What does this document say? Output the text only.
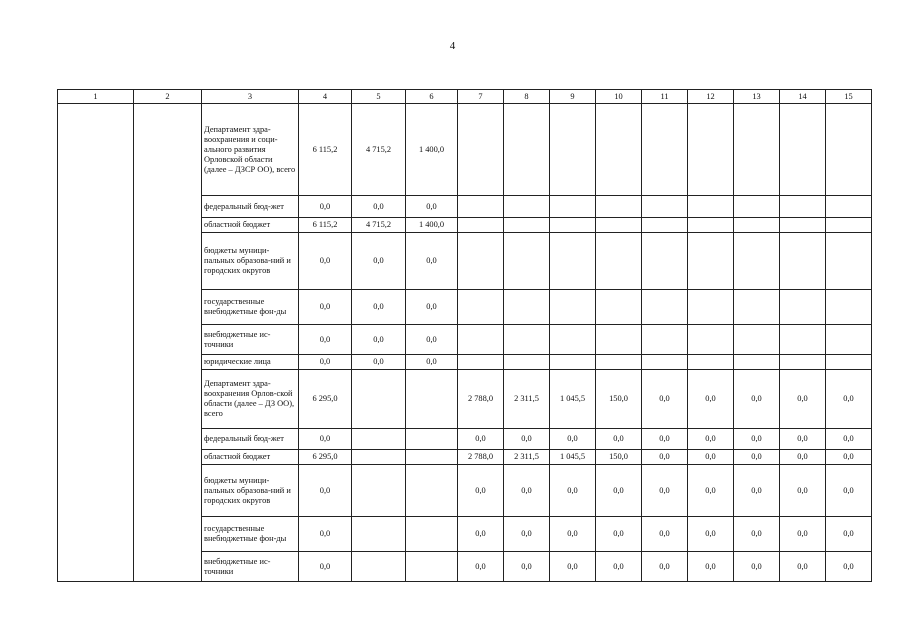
4
1	2	3	4	5	6	7	8	9	10	11	12	13	14	15	
		Департамент здра-воохранения и соци-ального развития Орловской области (далее – ДЗСР ОО), всего	6 115,2	4 715,2	1 400,0										
		федеральный бюд-жет	0,0	0,0	0,0										
		областной бюджет	6 115,2	4 715,2	1 400,0										
		бюджеты муници-пальных образова-ний и городских округов	0,0	0,0	0,0										
		государственные внебюджетные фон-ды	0,0	0,0	0,0										
		внебюджетные ис-точники	0,0	0,0	0,0										
		юридические лица	0,0	0,0	0,0										
		Департамент здра-воохранения Орлов-ской области (далее – ДЗ ОО), всего	6 295,0			2 788,0	2 311,5	1 045,5	150,0	0,0	0,0	0,0	0,0	0,0	
		федеральный бюд-жет	0,0			0,0	0,0	0,0	0,0	0,0	0,0	0,0	0,0	0,0	
		областной бюджет	6 295,0			2 788,0	2 311,5	1 045,5	150,0	0,0	0,0	0,0	0,0	0,0	
		бюджеты муници-пальных образова-ний и городских округов	0,0			0,0	0,0	0,0	0,0	0,0	0,0	0,0	0,0	0,0	
		государственные внебюджетные фон-ды	0,0			0,0	0,0	0,0	0,0	0,0	0,0	0,0	0,0	0,0	
		внебюджетные ис-точники	0,0			0,0	0,0	0,0	0,0	0,0	0,0	0,0	0,0	0,0	
